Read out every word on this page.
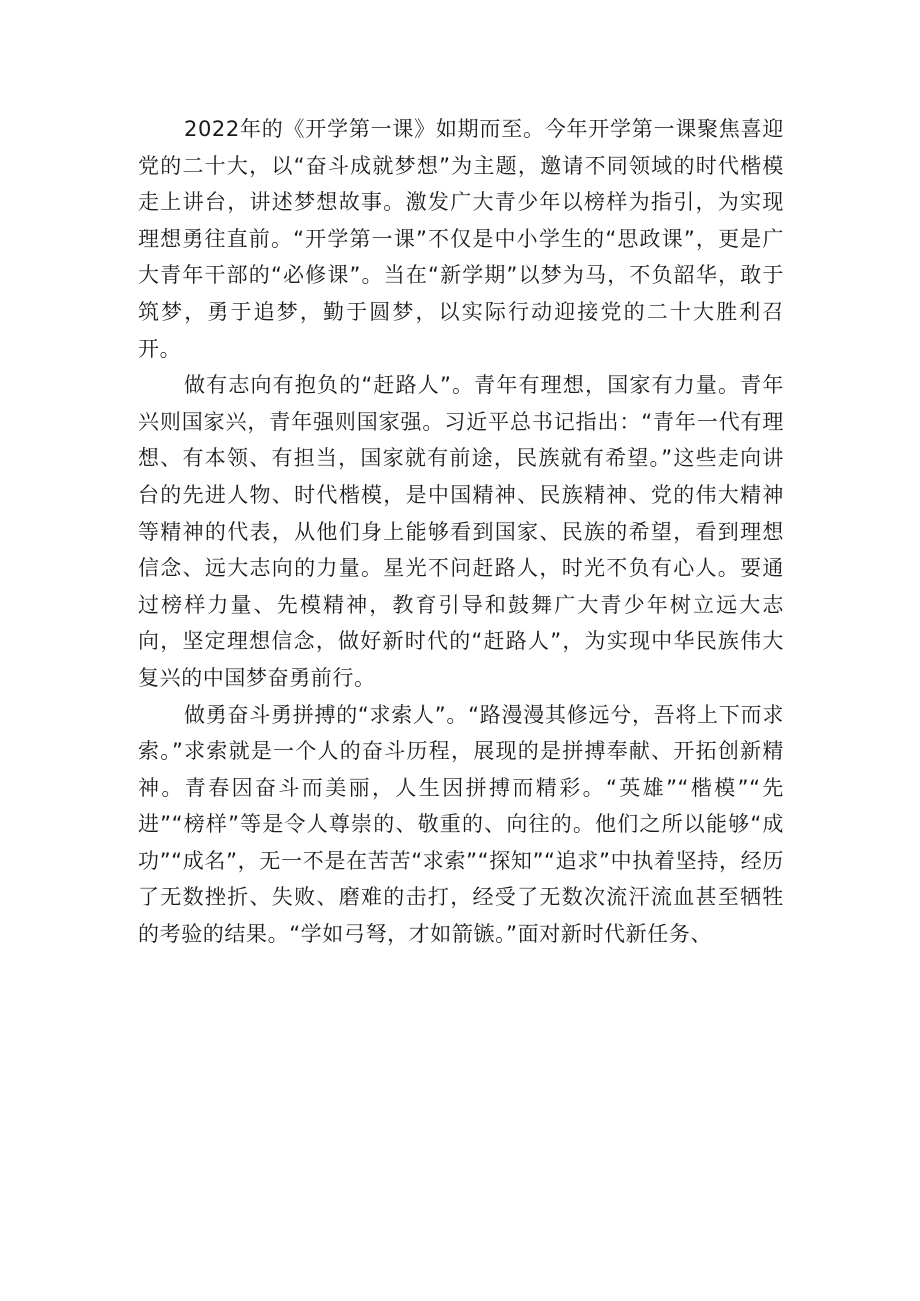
2022年的《开学第一课》如期而至。今年开学第一课聚焦喜迎党的二十大，以“奋斗成就梦想”为主题，邀请不同领域的时代楷模走上讲台，讲述梦想故事。激发广大青少年以榜样为指引，为实现理想勇往直前。“开学第一课”不仅是中小学生的“思政课”，更是广大青年干部的“必修课”。当在“新学期”以梦为马，不负韶华，敢于筑梦，勇于追梦，勤于圆梦，以实际行动迎接党的二十大胜利召开。

做有志向有抱负的“赶路人”。青年有理想，国家有力量。青年兴则国家兴，青年强则国家强。习近平总书记指出：“青年一代有理想、有本领、有担当，国家就有前途，民族就有希望。”这些走向讲台的先进人物、时代楷模，是中国精神、民族精神、党的伟大精神等精神的代表，从他们身上能够看到国家、民族的希望，看到理想信念、远大志向的力量。星光不问赶路人，时光不负有心人。要通过榜样力量、先模精神，教育引导和鼓舞广大青少年树立远大志向，坚定理想信念，做好新时代的“赶路人”，为实现中华民族伟大复兴的中国梦奋勇前行。

做勇奋斗勇拼搏的“求索人”。“路漫漫其修远兮，吾将上下而求索。”求索就是一个人的奋斗历程，展现的是拼搏奉献、开拓创新精神。青春因奋斗而美丽，人生因拼搏而精彩。“英雄”“楷模”“先进”“榜样”等是令人尊崇的、敬重的、向往的。他们之所以能够“成功”“成名”，无一不是在苦苦“求索”“探知”“追求”中执着坚持，经历了无数挫折、失败、磨难的击打，经受了无数次流汗流血甚至牺牲的考验的结果。“学如弓弩，才如箭镞。”面对新时代新任务、
